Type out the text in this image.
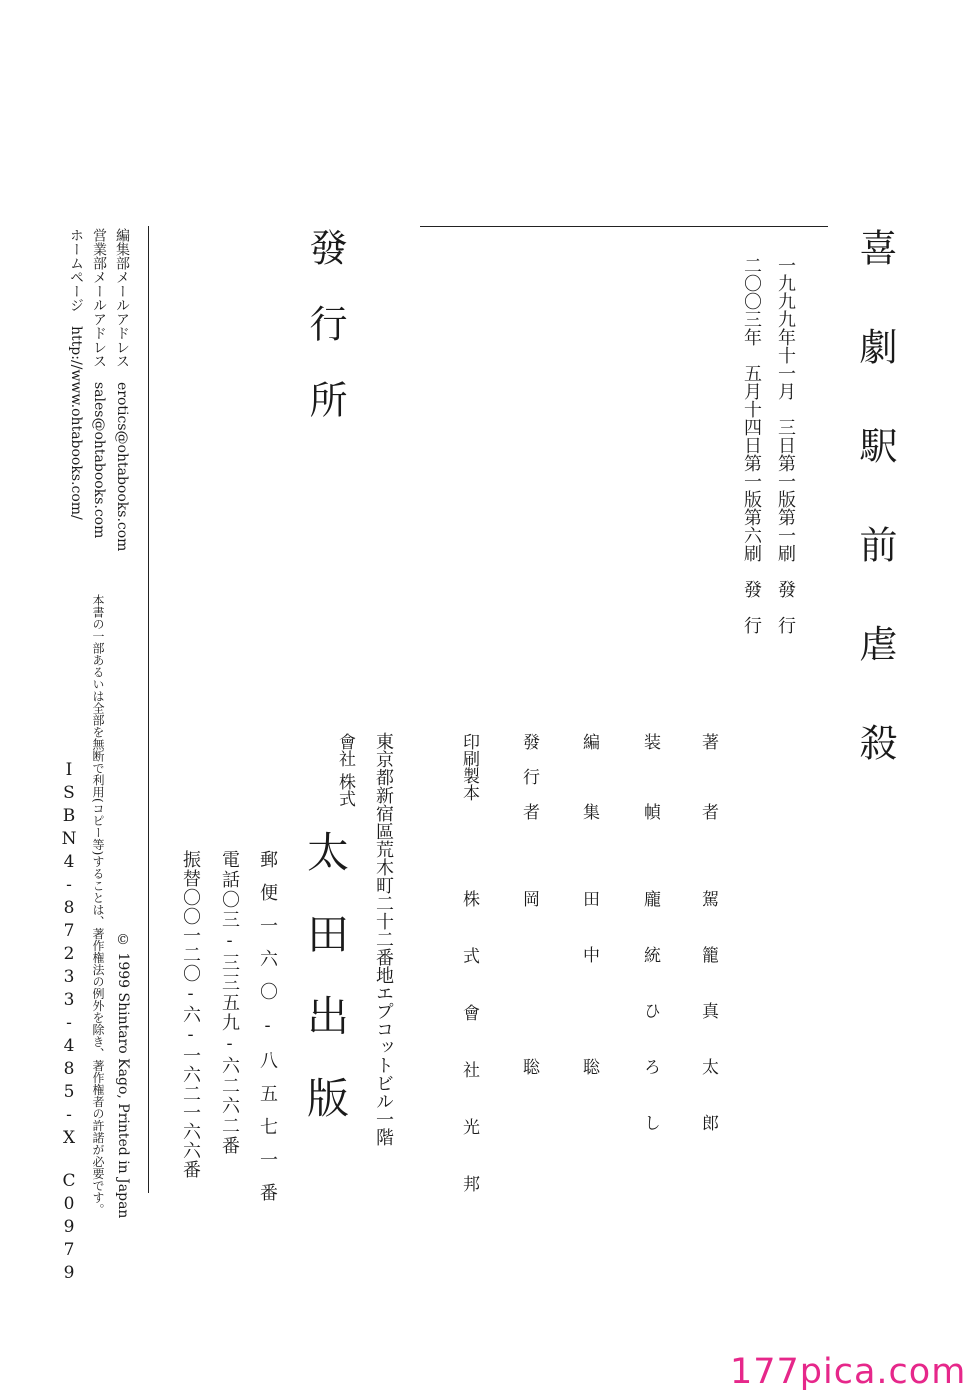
喜劇駅前虐殺
一九九九年十一月　三日第一版第一刷　發　行
二〇〇三年　五月十四日第一版第六刷　發　行
著　者
駕籠真太郎
装　幀
龐統ひろし
編　集
田中　聡
發行者
岡　　聡
印刷製本
株式會社光邦
發行所
東京都新宿區荒木町二十二番地エプコットビル一階
株式
會社
太田出版
郵便一六〇-八五七一番
電話〇三-三三五九-六二六二番
振替〇〇一二〇-六-一六二一六六番
編集部メールアドレス　erotics@ohtabooks.com
営業部メールアドレス　sales@ohtabooks.com
ホームページ　http://www.ohtabooks.com/
© 1999 Shintaro Kago, Printed in Japan
本書の一部あるいは全部を無断で利用(コピー等)することは、著作権法の例外を除き、著作権者の許諾が必要です。
ISBN4-87233-485-X　C0979
177pica.com
